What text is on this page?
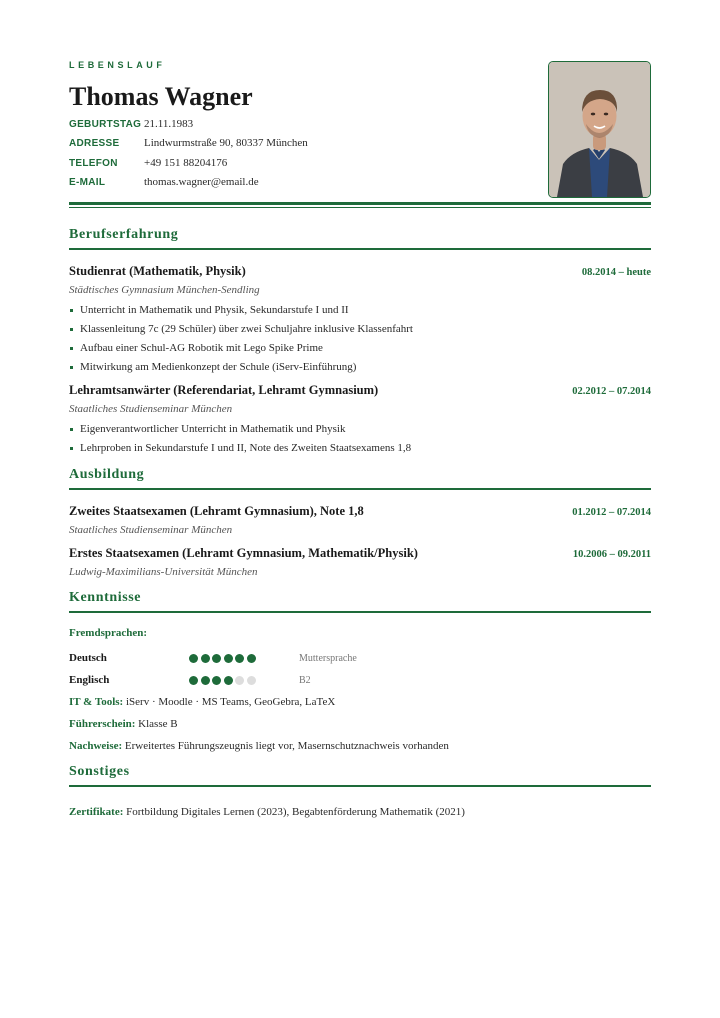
LEBENSLAUF
Thomas Wagner
GEBURTSTAG 21.11.1983
ADRESSE	Lindwurmstraße 90, 80337 München
TELEFON	+49 151 88204176
E-MAIL	thomas.wagner@email.de
Berufserfahrung
Studienrat (Mathematik, Physik)	08.2014 – heute
Städtisches Gymnasium München-Sendling
Unterricht in Mathematik und Physik, Sekundarstufe I und II
Klassenleitung 7c (29 Schüler) über zwei Schuljahre inklusive Klassenfahrt
Aufbau einer Schul-AG Robotik mit Lego Spike Prime
Mitwirkung am Medienkonzept der Schule (iServ-Einführung)
Lehramtsanwärter (Referendariat, Lehramt Gymnasium)	02.2012 – 07.2014
Staatliches Studienseminar München
Eigenverantwortlicher Unterricht in Mathematik und Physik
Lehrproben in Sekundarstufe I und II, Note des Zweiten Staatsexamens 1,8
Ausbildung
Zweites Staatsexamen (Lehramt Gymnasium), Note 1,8	01.2012 – 07.2014
Staatliches Studienseminar München
Erstes Staatsexamen (Lehramt Gymnasium, Mathematik/Physik)	10.2006 – 09.2011
Ludwig-Maximilians-Universität München
Kenntnisse
Fremdsprachen:
Deutsch	Muttersprache
Englisch	B2
IT & Tools: iServ · Moodle · MS Teams, GeoGebra, LaTeX
Führerschein: Klasse B
Nachweise: Erweitertes Führungszeugnis liegt vor, Masernschutznachweis vorhanden
Sonstiges
Zertifikate: Fortbildung Digitales Lernen (2023), Begabtenförderung Mathematik (2021)
